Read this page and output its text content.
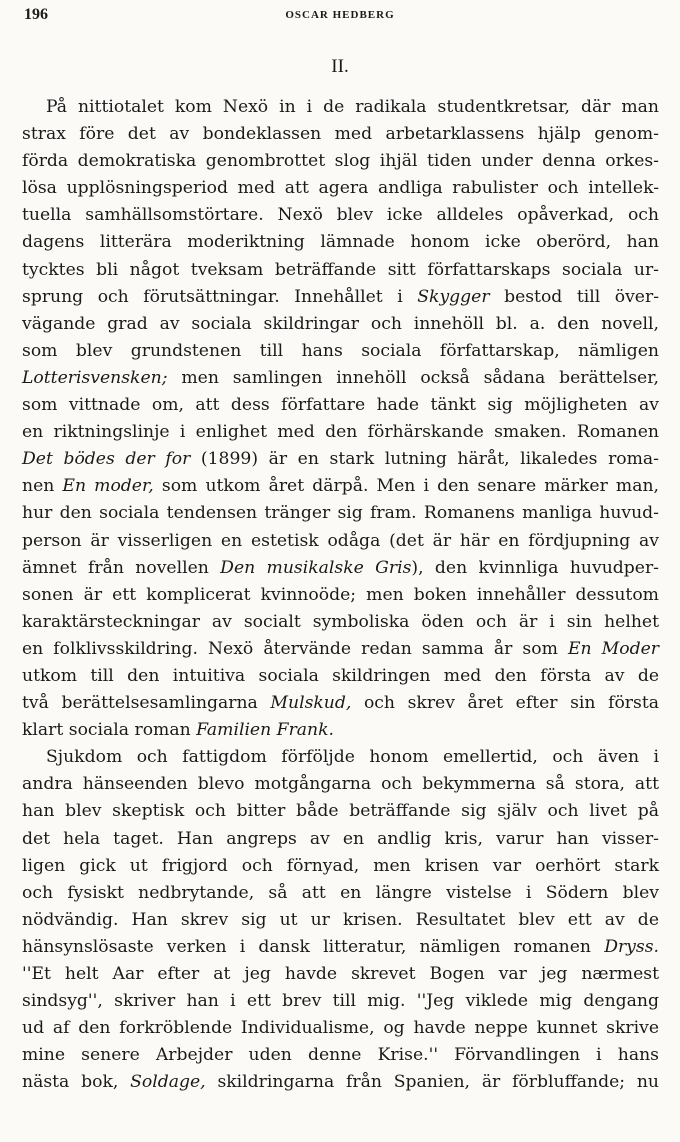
196	OSCAR HEDBERG
II.
På nittiotalet kom Nexö in i de radikala studentkretsar, där man
strax före det av bondeklassen med arbetarklassens hjälp genom-
förda demokratiska genombrottet slog ihjäl tiden under denna orkes-
lösa upplösningsperiod med att agera andliga rabulister och intellek-
tuella samhällsomstörtare. Nexö blev icke alldeles opåverkad, och
dagens litterära moderiktning lämnade honom icke oberörd, han
tycktes bli något tveksam beträffande sitt författarskaps sociala ur-
sprung och förutsättningar. Innehållet i Skygger bestod till över-
vägande grad av sociala skildringar och innehöll bl. a. den novell,
som blev grundstenen till hans sociala författarskap, nämligen
Lotterisvensken; men samlingen innehöll också sådana berättelser,
som vittnade om, att dess författare hade tänkt sig möjligheten av
en riktningslinje i enlighet med den förhärskande smaken. Romanen
Det bödes der for (1899) är en stark lutning häråt, likaledes roma-
nen En moder, som utkom året därpå. Men i den senare märker man,
hur den sociala tendensen tränger sig fram. Romanens manliga huvud-
person är visserligen en estetisk odåga (det är här en fördjupning av
ämnet från novellen Den musikalske Gris), den kvinnliga huvudper-
sonen är ett komplicerat kvinnoöde; men boken innehåller dessutom
karaktärsteckningar av socialt symboliska öden och är i sin helhet
en folklivsskildring. Nexö återvände redan samma år som En Moder
utkom till den intuitiva sociala skildringen med den första av de
två berättelsesamlingarna Mulskud, och skrev året efter sin första
klart sociala roman Familien Frank.
Sjukdom och fattigdom förföljde honom emellertid, och även i
andra hänseenden blevo motgångarna och bekymmerna så stora, att
han blev skeptisk och bitter både beträffande sig själv och livet på
det hela taget. Han angreps av en andlig kris, varur han visser-
ligen gick ut frigjord och förnyad, men krisen var oerhört stark
och fysiskt nedbrytande, så att en längre vistelse i Södern blev
nödvändig. Han skrev sig ut ur krisen. Resultatet blev ett av de
hänsynslösaste verken i dansk litteratur, nämligen romanen Dryss.
''Et helt Aar efter at jeg havde skrevet Bogen var jeg nærmest
sindsyg'', skriver han i ett brev till mig. ''Jeg viklede mig dengang
ud af den forkröblende Individualisme, og havde neppe kunnet skrive
mine senere Arbejder uden denne Krise.'' Förvandlingen i hans
nästa bok, Soldage, skildringarna från Spanien, är förbluffande; nu
